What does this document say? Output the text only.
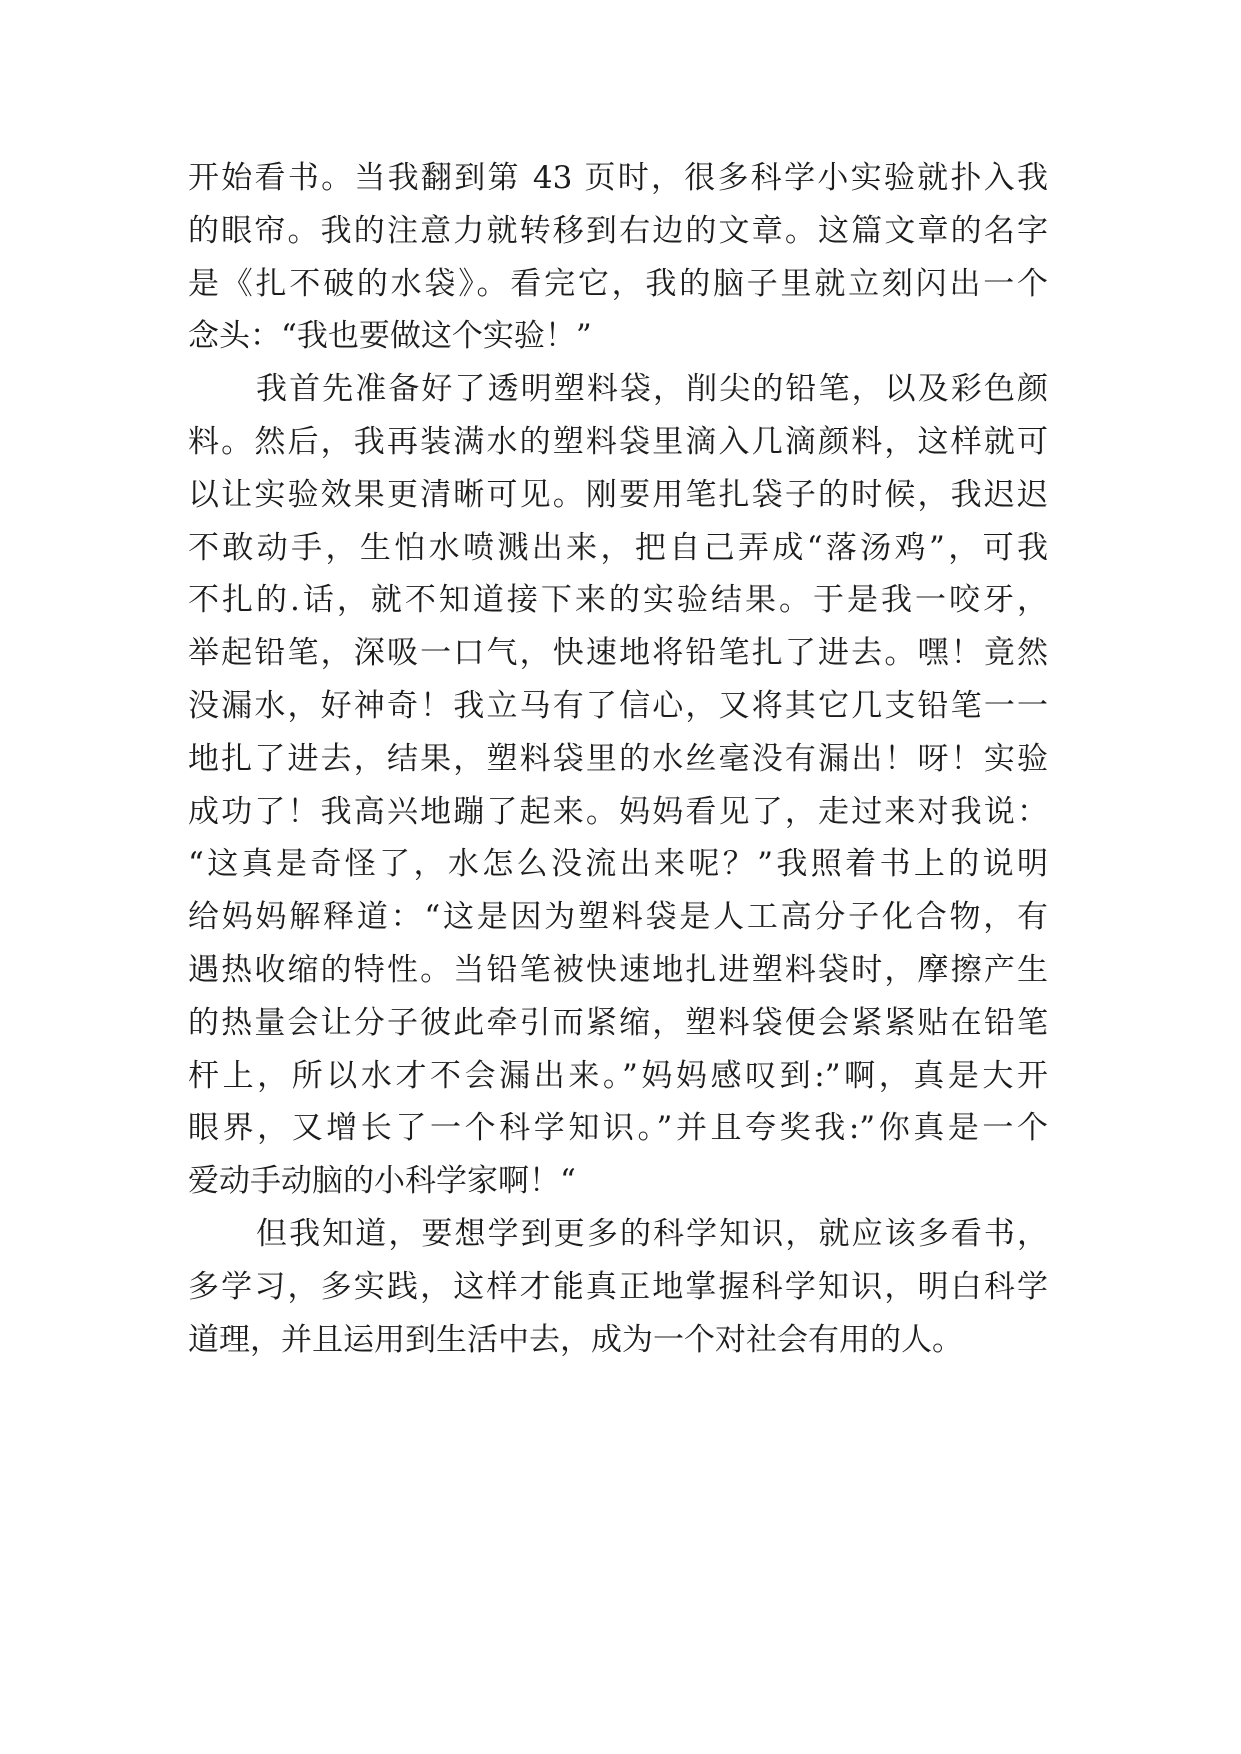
开始看书。当我翻到第 43 页时，很多科学小实验就扑入我
的眼帘。我的注意力就转移到右边的文章。这篇文章的名字
是《扎不破的水袋》。看完它，我的脑子里就立刻闪出一个
念头：“我也要做这个实验！”
我首先准备好了透明塑料袋，削尖的铅笔，以及彩色颜
料。然后，我再装满水的塑料袋里滴入几滴颜料，这样就可
以让实验效果更清晰可见。刚要用笔扎袋子的时候，我迟迟
不敢动手，生怕水喷溅出来，把自己弄成“落汤鸡”，可我
不扎的.话，就不知道接下来的实验结果。于是我一咬牙，
举起铅笔，深吸一口气，快速地将铅笔扎了进去。嘿！竟然
没漏水，好神奇！我立马有了信心，又将其它几支铅笔一一
地扎了进去，结果，塑料袋里的水丝毫没有漏出！呀！实验
成功了！我高兴地蹦了起来。妈妈看见了，走过来对我说：
“这真是奇怪了，水怎么没流出来呢？”我照着书上的说明
给妈妈解释道：“这是因为塑料袋是人工高分子化合物，有
遇热收缩的特性。当铅笔被快速地扎进塑料袋时，摩擦产生
的热量会让分子彼此牵引而紧缩，塑料袋便会紧紧贴在铅笔
杆上，所以水才不会漏出来。”妈妈感叹到:”啊，真是大开
眼界，又增长了一个科学知识。”并且夸奖我:”你真是一个
爱动手动脑的小科学家啊！“
但我知道，要想学到更多的科学知识，就应该多看书，
多学习，多实践，这样才能真正地掌握科学知识，明白科学
道理，并且运用到生活中去，成为一个对社会有用的人。
